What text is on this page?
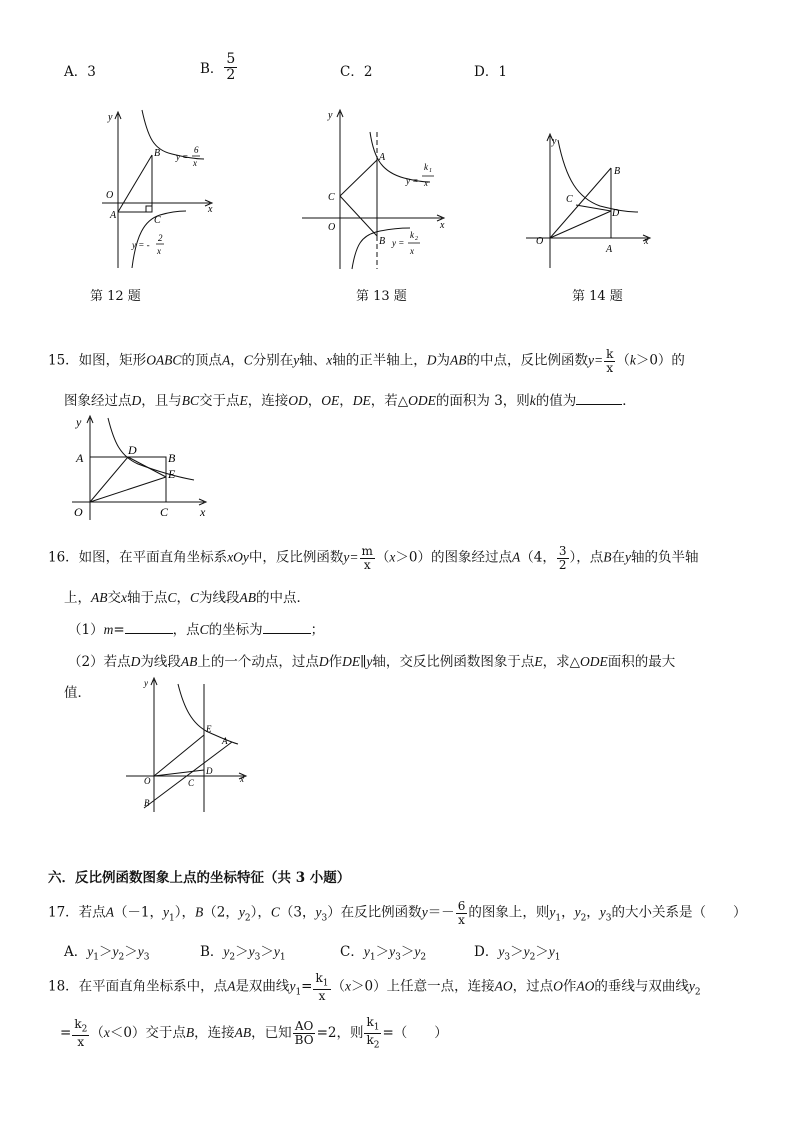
A．3	B． $\frac{5}{2}$	C．2	D．1
y
x
O
A
B
C
y =
6
x
y = -
2
x
第 12 题
y
x
O
A
B
C
y =
k 1
x
y =
k 2
x
第 13 题
y
x
O
A
B
C
D
第 14 题
15．如图，矩形OABC的顶点A，C分别在y轴、x轴的正半轴上，D为AB的中点，反比例函数$y= \frac{k}{x} (k>0)$的
图象经过点D，且与BC交于点E，连接OD，OE，DE，若△ODE的面积为 3，则k的值为	．
y
x
O
A	B
C
D
E
16．如图，在平面直角坐标系xOy中，反比例函数$y= \frac{m}{x} (x>0)$的图象经过点A（4， $\frac{3}{2}$ ），点B在y轴的负半轴
上，AB交x轴于点C，C为线段AB的中点．
（1）m=	，点C的坐标为	；
（2）若点D为线段AB上的一个动点，过点D作DE∥y轴，交反比例函数图象于点E，求△ODE面积的最大
值．
y
x
O
A
B
C
D
E
六．反比例函数图象上点的坐标特征（共 3 小题）
17．若点A（－1，$y_1$），B（2，$y_2$），C（3，$y_3$）在反比例函数$y=- \frac{6}{x}$ 的图象上，则$y_1$，$y_2$，$y_3$的大小关系是（　　）
A．$y_1>y_2>y_3$	B．$y_2>y_3>y_1$	C．$y_1>y_3>y_2$	D．$y_3>y_2>y_1$
18．在平面直角坐标系中，点A是双曲线$y_1= \frac{k_1}{x} (x>0)$上任意一点，连接AO，过点O作AO的垂线与双曲线$y_2$
= $\frac{k_2}{x} (x<0)$交于点B，连接AB，已知 $\frac{AO}{BO} =2$，则 $\frac{k_1}{k_2}$ =（　　）
